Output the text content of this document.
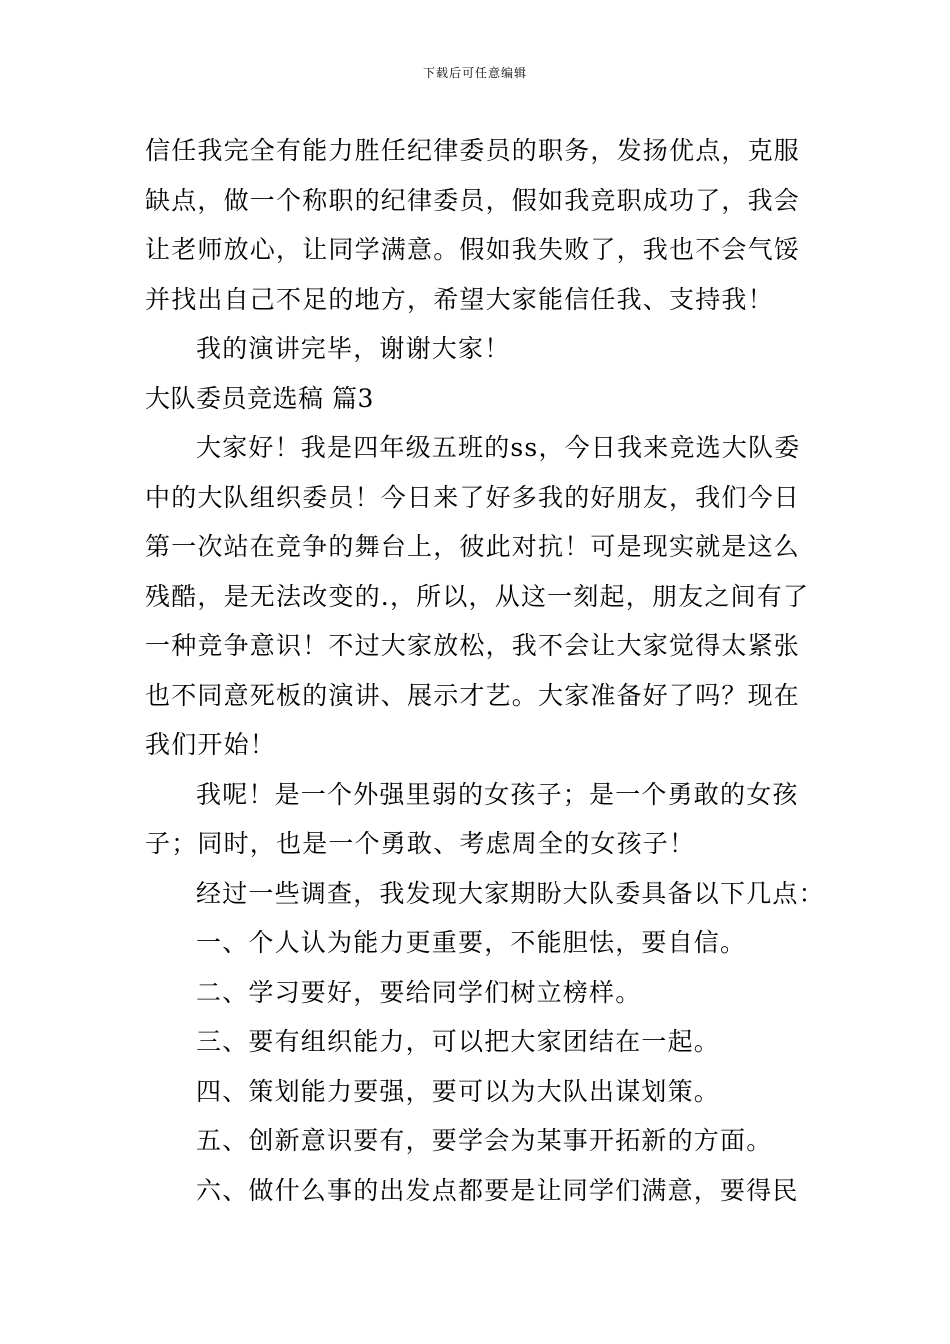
下载后可任意编辑
信任我完全有能力胜任纪律委员的职务，发扬优点，克服
缺点，做一个称职的纪律委员，假如我竞职成功了，我会
让老师放心，让同学满意。假如我失败了，我也不会气馁
并找出自己不足的地方，希望大家能信任我、支持我！
我的演讲完毕，谢谢大家！
大队委员竞选稿 篇3
大家好！我是四年级五班的ss，今日我来竞选大队委
中的大队组织委员！今日来了好多我的好朋友，我们今日
第一次站在竞争的舞台上，彼此对抗！可是现实就是这么
残酷，是无法改变的.，所以，从这一刻起，朋友之间有了
一种竞争意识！不过大家放松，我不会让大家觉得太紧张
也不同意死板的演讲、展示才艺。大家准备好了吗？现在
我们开始！
我呢！是一个外强里弱的女孩子；是一个勇敢的女孩
子；同时，也是一个勇敢、考虑周全的女孩子！
经过一些调查，我发现大家期盼大队委具备以下几点：
一、个人认为能力更重要，不能胆怯，要自信。
二、学习要好，要给同学们树立榜样。
三、要有组织能力，可以把大家团结在一起。
四、策划能力要强，要可以为大队出谋划策。
五、创新意识要有，要学会为某事开拓新的方面。
六、做什么事的出发点都要是让同学们满意，要得民
